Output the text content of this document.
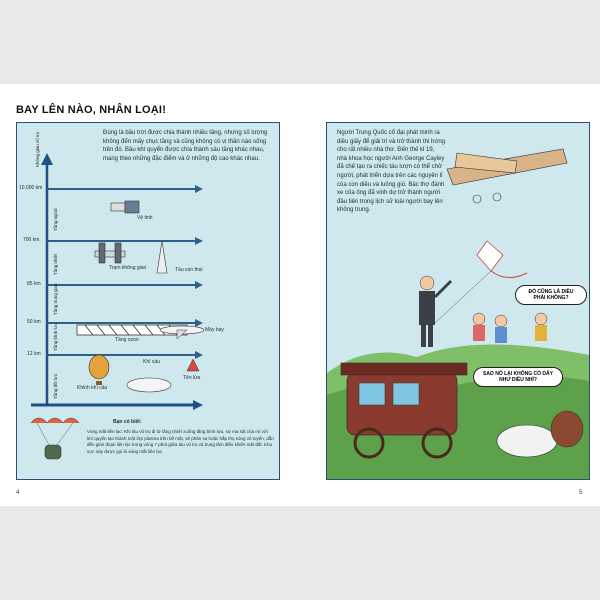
BAY LÊN NÀO, NHÂN LOẠI!
Đúng là bầu trời được chia thành nhiều tầng, nhưng số lượng không đến mấy chục tầng và cũng không có vị thần nào sống trên đó. Bầu khí quyển được chia thành sáu tầng khác nhau, mang theo những đặc điểm và ở những độ cao khác nhau.
10.000 km
700 km
85 km
50 km
12 km
Không gian vũ trụ
Tầng ngoài
Tầng nhiệt
Tầng trung gian
Tầng bình lưu
Tầng đối lưu
Vệ tinh
Trạm không gian	Tàu con thoi
Máy bay
Tầng ozon
Khí cầu
Tên lửa
Khinh khí cầu
Bạn có biết:
Vùng mất liên lạc: Khi tàu vũ trụ đi từ tầng nhiệt xuống tầng bình lưu, sự ma sát của nó với khí quyển tạo thành một lớp plasma trên bề mặt, sẽ phản xạ hoặc hấp thụ sóng vô tuyến, dẫn đến gián đoạn liên lạc trong vòng 7 phút giữa tàu vũ trụ và trung tâm điều khiển mặt đất. Khu vực này được gọi là vùng mất liên lạc.
4
Người Trung Quốc cổ đại phát minh ra diều giấy để giải trí và trở thành thi hứng cho rất nhiều nhà thơ. Đến thế kỉ 19, nhà khoa học người Anh George Cayley đã chế tạo ra chiếc tàu lượn có thể chở người, phát triển dựa trên các nguyên lí của con diều và luồng gió. Bác thợ đánh xe của ông đã vinh dự trở thành người đầu tiên trong lịch sử loài người bay lên không trung.
ĐÓ CŨNG LÀ DIỀU PHẢI KHÔNG?
SAO NÓ LẠI KHÔNG CÓ DÂY NHƯ DIỀU NHỈ?
5
